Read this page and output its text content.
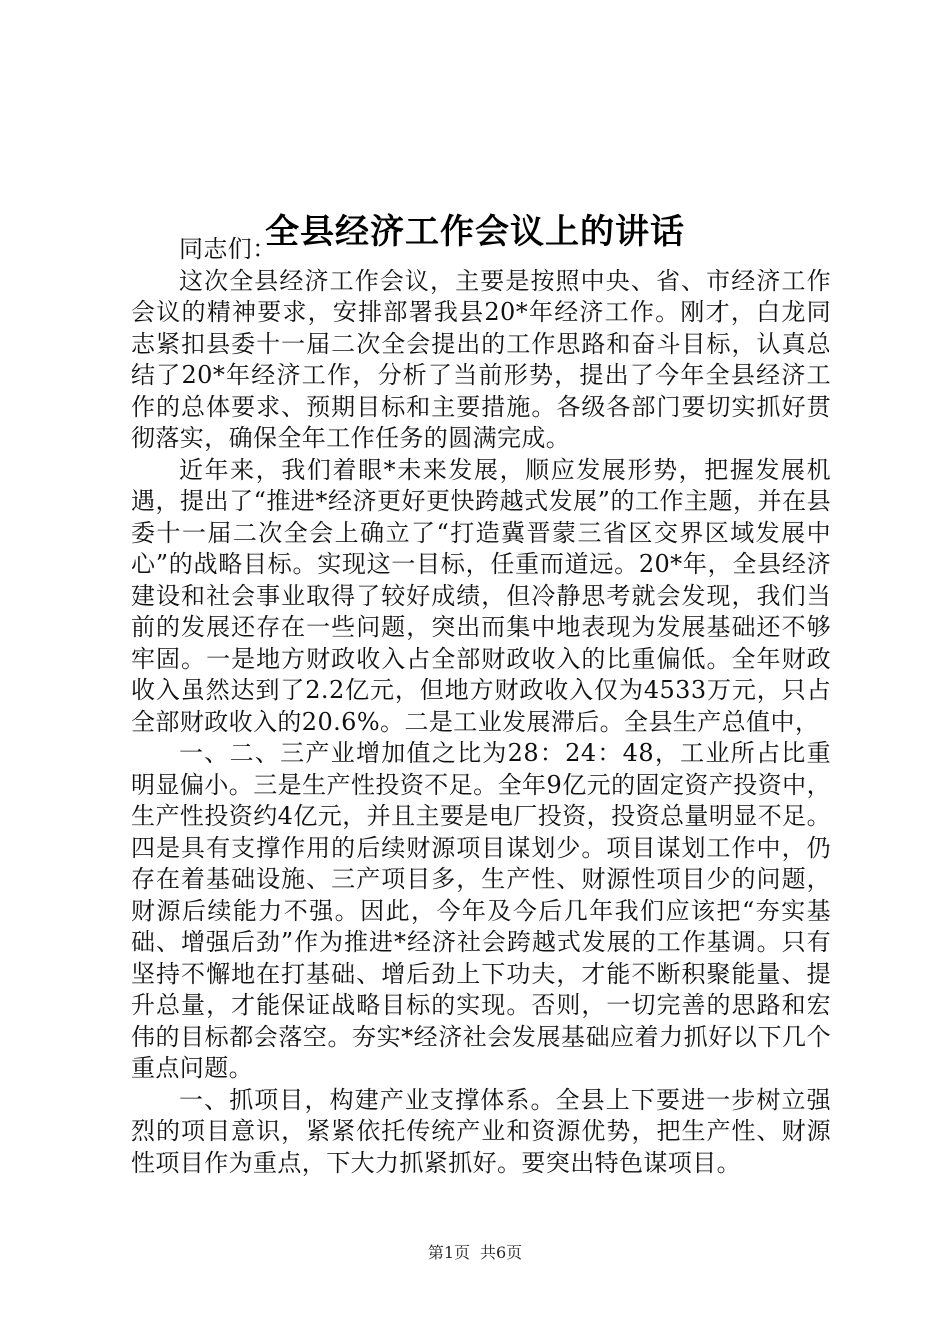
全县经济工作会议上的讲话

同志们：

这次全县经济工作会议，主要是按照中央、省、市经济工作会议的精神要求，安排部署我县20*年经济工作。刚才，白龙同志紧扣县委十一届二次全会提出的工作思路和奋斗目标，认真总结了20*年经济工作，分析了当前形势，提出了今年全县经济工作的总体要求、预期目标和主要措施。各级各部门要切实抓好贯彻落实，确保全年工作任务的圆满完成。

近年来，我们着眼*未来发展，顺应发展形势，把握发展机遇，提出了“推进*经济更好更快跨越式发展”的工作主题，并在县委十一届二次全会上确立了“打造冀晋蒙三省区交界区域发展中心”的战略目标。实现这一目标，任重而道远。20*年，全县经济建设和社会事业取得了较好成绩，但冷静思考就会发现，我们当前的发展还存在一些问题，突出而集中地表现为发展基础还不够牢固。一是地方财政收入占全部财政收入的比重偏低。全年财政收入虽然达到了2.2亿元，但地方财政收入仅为4533万元，只占全部财政收入的20.6%。二是工业发展滞后。全县生产总值中，

一、二、三产业增加值之比为28：24：48，工业所占比重明显偏小。三是生产性投资不足。全年9亿元的固定资产投资中，生产性投资约4亿元，并且主要是电厂投资，投资总量明显不足。四是具有支撑作用的后续财源项目谋划少。项目谋划工作中，仍存在着基础设施、三产项目多，生产性、财源性项目少的问题，财源后续能力不强。因此，今年及今后几年我们应该把“夯实基础、增强后劲”作为推进*经济社会跨越式发展的工作基调。只有坚持不懈地在打基础、增后劲上下功夫，才能不断积聚能量、提升总量，才能保证战略目标的实现。否则，一切完善的思路和宏伟的目标都会落空。夯实*经济社会发展基础应着力抓好以下几个重点问题。

一、抓项目，构建产业支撑体系。全县上下要进一步树立强烈的项目意识，紧紧依托传统产业和资源优势，把生产性、财源性项目作为重点，下大力抓紧抓好。要突出特色谋项目。

第1页 共6页
